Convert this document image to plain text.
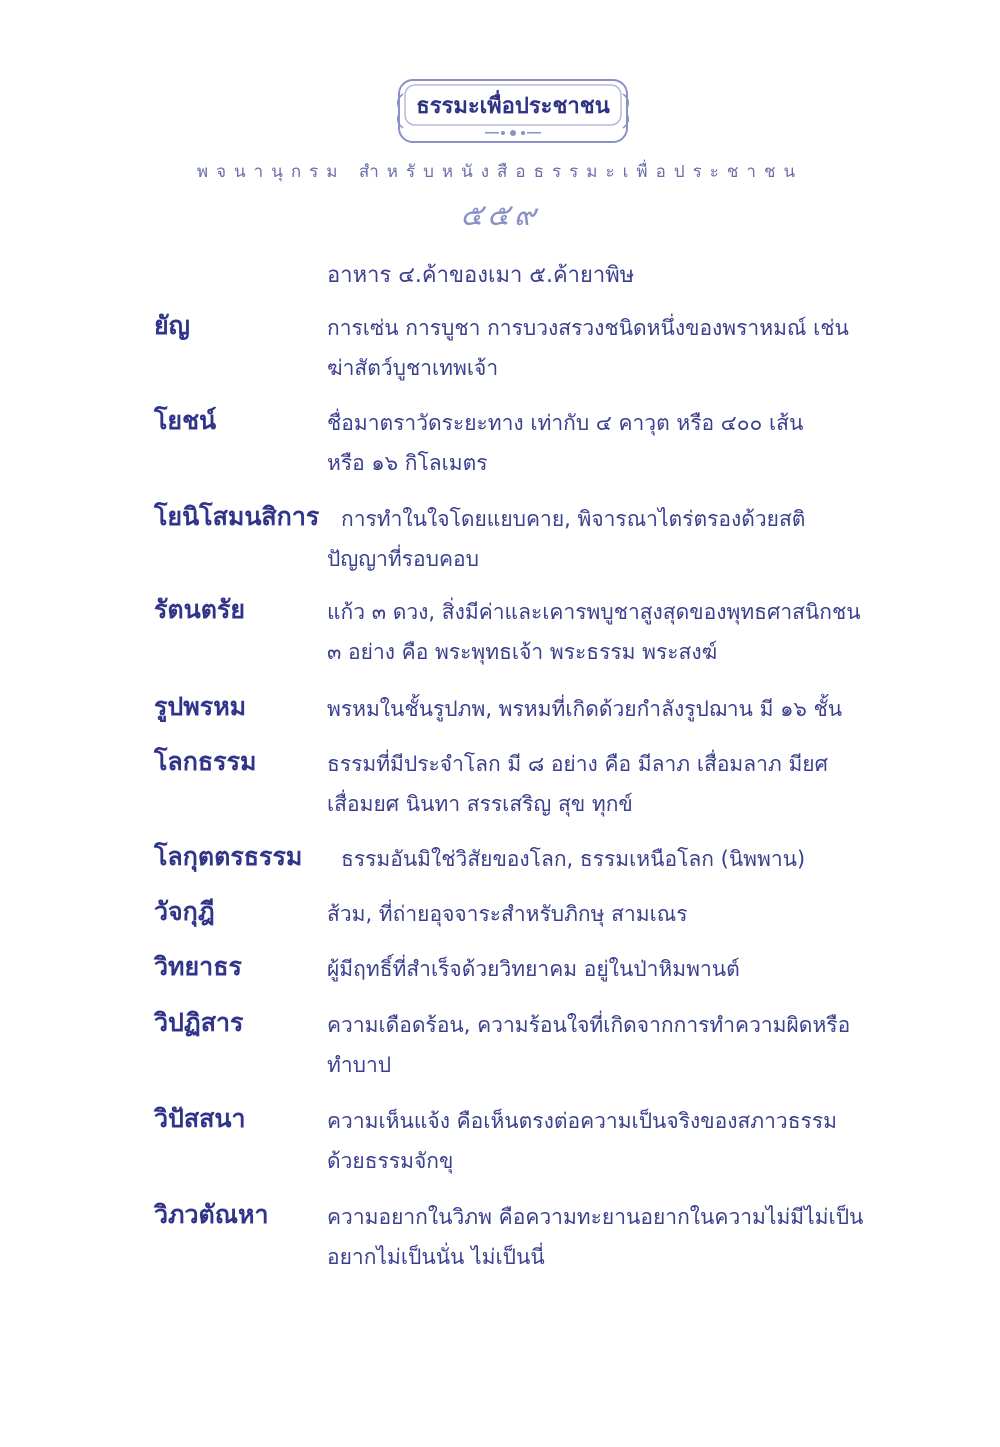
ธรรมะเพื่อประชาชน
พจนานุกรม สำหรับหนังสือธรรมะเพื่อประชาชน
๕๕๙
อาหาร ๔.ค้าของเมา ๕.ค้ายาพิษ
ยัญ	การเซ่น การบูชา การบวงสรวงชนิดหนึ่งของพราหมณ์ เช่น
ฆ่าสัตว์บูชาเทพเจ้า
โยชน์	ชื่อมาตราวัดระยะทาง เท่ากับ ๔ คาวุต หรือ ๔๐๐ เส้น
หรือ ๑๖ กิโลเมตร
โยนิโสมนสิการ การทำในใจโดยแยบคาย, พิจารณาไตร่ตรองด้วยสติ
ปัญญาที่รอบคอบ
รัตนตรัย	แก้ว ๓ ดวง, สิ่งมีค่าและเคารพบูชาสูงสุดของพุทธศาสนิกชน
๓ อย่าง คือ พระพุทธเจ้า พระธรรม พระสงฆ์
รูปพรหม	พรหมในชั้นรูปภพ, พรหมที่เกิดด้วยกำลังรูปฌาน มี ๑๖ ชั้น
โลกธรรม	ธรรมที่มีประจำโลก มี ๘ อย่าง คือ มีลาภ เสื่อมลาภ มียศ
เสื่อมยศ นินทา สรรเสริญ สุข ทุกข์
โลกุตตรธรรม ธรรมอันมิใช่วิสัยของโลก, ธรรมเหนือโลก (นิพพาน)
วัจกุฎี	ส้วม, ที่ถ่ายอุจจาระสำหรับภิกษุ สามเณร
วิทยาธร	ผู้มีฤทธิ์ที่สำเร็จด้วยวิทยาคม อยู่ในป่าหิมพานต์
วิปฏิสาร	ความเดือดร้อน, ความร้อนใจที่เกิดจากการทำความผิดหรือ
ทำบาป
วิปัสสนา	ความเห็นแจ้ง คือเห็นตรงต่อความเป็นจริงของสภาวธรรม
ด้วยธรรมจักขุ
วิภวตัณหา	ความอยากในวิภพ คือความทะยานอยากในความไม่มีไม่เป็น
อยากไม่เป็นนั่น ไม่เป็นนี่
